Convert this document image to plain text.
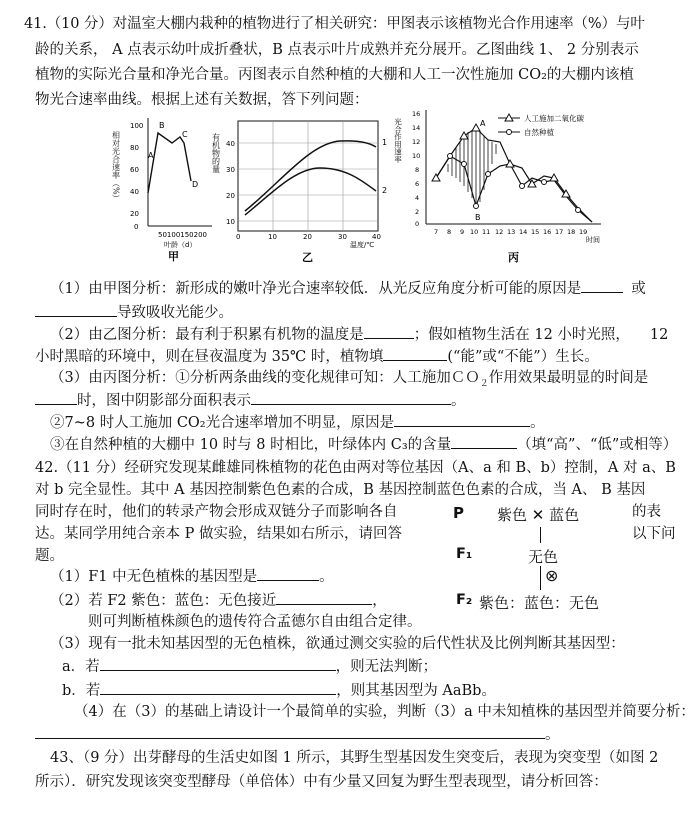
41.（10 分）对温室大棚内栽种的植物进行了相关研究：甲图表示该植物光合作用速率（%）与叶
龄的关系， A 点表示幼叶成折叠状，B 点表示叶片成熟并充分展开。乙图曲线 1、 2 分别表示
植物的实际光合量和净光合量。丙图表示自然种植的大棚和人工一次性施加 CO₂的大棚内该植
物光合速率曲线。根据上述有关数据，答下列问题：
相对光合速率（%）
100
80
60
40
20
0
A
B
C
D
50100150200
叶龄（d）
甲
有机物的量 40
30
20
10
1
2
0	10	20	30	40
温度/℃
乙
光合作用速率
16
14
12
10
8
6
4
2
0
A
B
人工施加二氧化碳
自然种植
7 8 9 10 11 12 13 14 15 16 17 18 19
时间
丙
（1）由甲图分析：新形成的嫩叶净光合速率较低．从光反应角度分析可能的原因是	或
导致吸收光能少。
（2）由乙图分析：最有利于积累有机物的温度是	；假如植物生活在 12 小时光照， 12
小时黑暗的环境中，则在昼夜温度为 35℃ 时，植物填	(“能”或“不能”）生长。
（3）由丙图分析：①分析两条曲线的变化规律可知：人工施加ＣＯ$_2$作用效果最明显的时间是
时，图中阴影部分面积表示	。
②7~8 时人工施加 CO₂光合速率增加不明显，原因是	。
③在自然种植的大棚中 10 时与 8 时相比，叶绿体内 C₃的含量	（填“高”、“低”或相等）
42.（11 分）经研究发现某雌雄同株植物的花色由两对等位基因（A、a 和 B、b）控制，A 对 a、B
对 b 完全显性。其中 A 基因控制紫色色素的合成，B 基因控制蓝色色素的合成，当 A、 B 基因
同时存在时，他们的转录产物会形成双链分子而影响各自	的表
达。某同学用纯合亲本 P 做实验，结果如右所示，请回答	以下问
题。
P 紫色 ✕ 蓝色
F₁	无色
⊗
F₂ 紫色：蓝色：无色
（1）F1 中无色植株的基因型是	。
（2）若 F2 紫色：蓝色：无色接近	，
则可判断植株颜色的遗传符合孟德尔自由组合定律。
（3）现有一批未知基因型的无色植株，欲通过测交实验的后代性状及比例判断其基因型：
a．若	，则无法判断；
b．若	，则其基因型为 AaBb。
（4）在（3）的基础上请设计一个最简单的实验，判断（3）a 中未知植株的基因型并简要分析：
。
43、（9 分）出芽酵母的生活史如图 1 所示，其野生型基因发生突变后，表现为突变型（如图 2
所示）．研究发现该突变型酵母（单倍体）中有少量又回复为野生型表现型，请分析回答：
